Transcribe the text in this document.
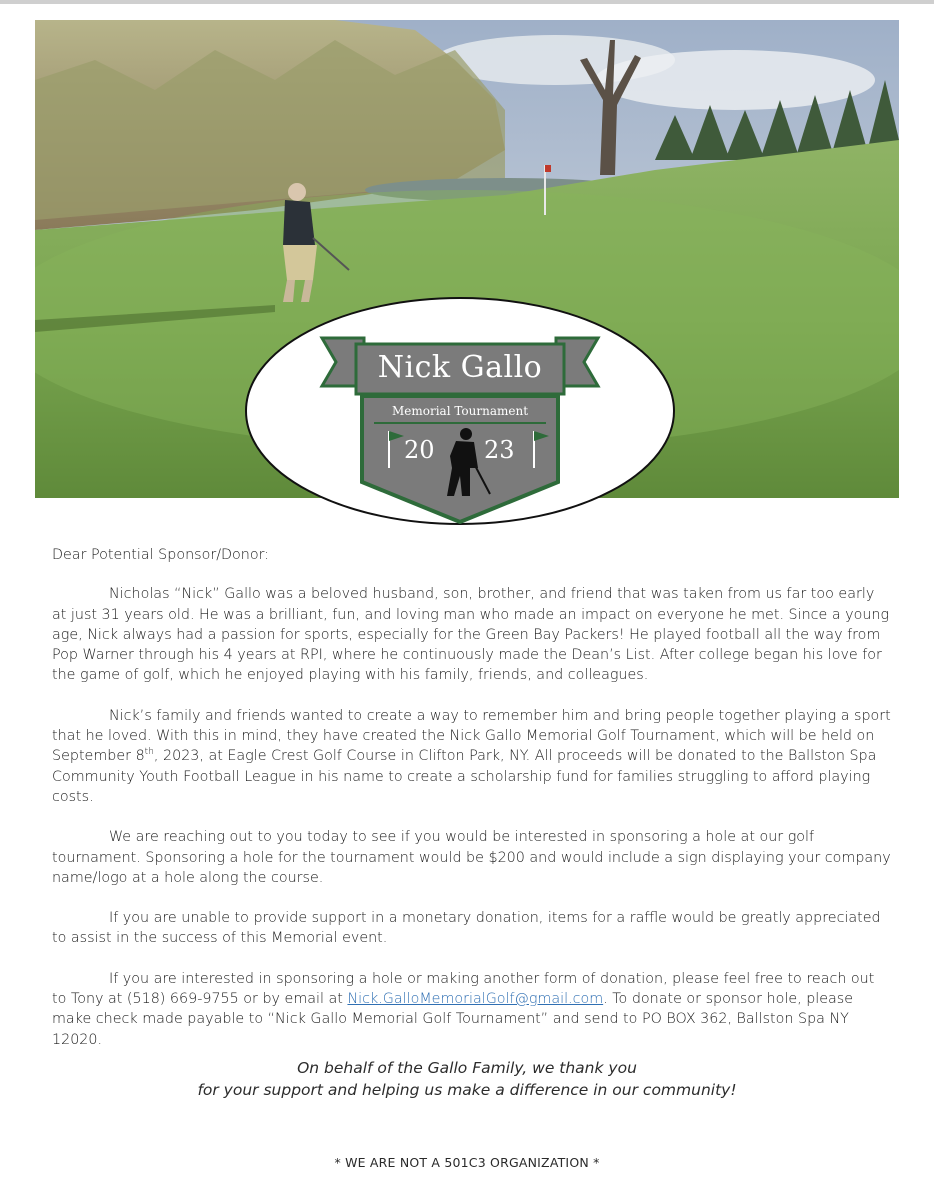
Nick Gallo
Memorial Tournament
20 23

Dear Potential Sponsor/Donor:

Nicholas “Nick” Gallo was a beloved husband, son, brother, and friend that was taken from us far too early at just 31 years old. He was a brilliant, fun, and loving man who made an impact on everyone he met. Since a young age, Nick always had a passion for sports, especially for the Green Bay Packers! He played football all the way from Pop Warner through his 4 years at RPI, where he continuously made the Dean’s List. After college began his love for the game of golf, which he enjoyed playing with his family, friends, and colleagues.

Nick’s family and friends wanted to create a way to remember him and bring people together playing a sport that he loved. With this in mind, they have created the Nick Gallo Memorial Golf Tournament, which will be held on September 8th, 2023, at Eagle Crest Golf Course in Clifton Park, NY. All proceeds will be donated to the Ballston Spa Community Youth Football League in his name to create a scholarship fund for families struggling to afford playing costs.

We are reaching out to you today to see if you would be interested in sponsoring a hole at our golf tournament. Sponsoring a hole for the tournament would be $200 and would include a sign displaying your company name/logo at a hole along the course.

If you are unable to provide support in a monetary donation, items for a raffle would be greatly appreciated to assist in the success of this Memorial event.

If you are interested in sponsoring a hole or making another form of donation, please feel free to reach out to Tony at (518) 669-9755 or by email at Nick.GalloMemorialGolf@gmail.com. To donate or sponsor hole, please make check made payable to “Nick Gallo Memorial Golf Tournament” and send to PO BOX 362, Ballston Spa NY 12020.

On behalf of the Gallo Family, we thank you
for your support and helping us make a difference in our community!
* WE ARE NOT A 501C3 ORGANIZATION *
